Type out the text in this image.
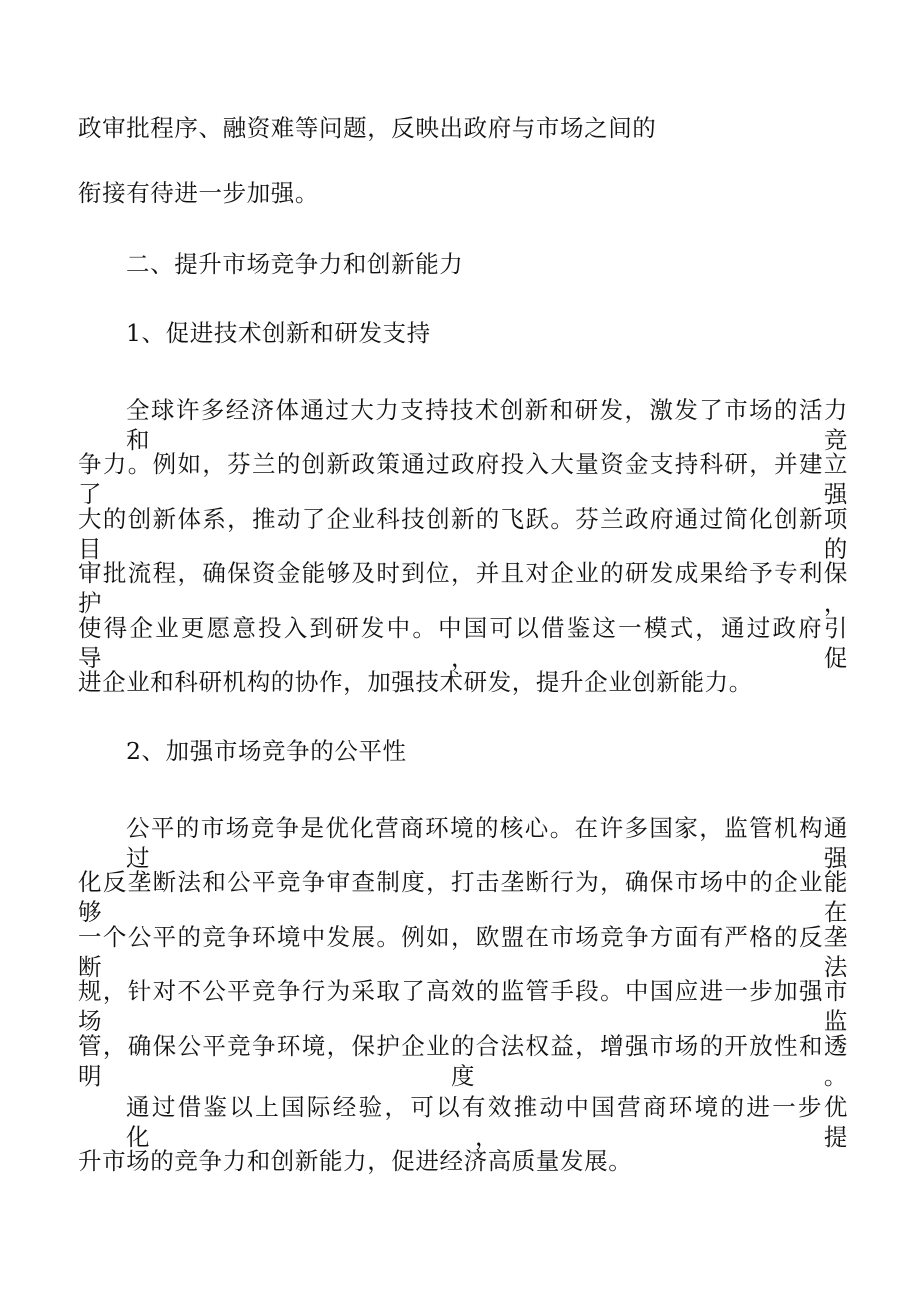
政审批程序、融资难等问题，反映出政府与市场之间的
衔接有待进一步加强。
二、提升市场竞争力和创新能力
1、促进技术创新和研发支持
全球许多经济体通过大力支持技术创新和研发，激发了市场的活力和竞
争力。例如，芬兰的创新政策通过政府投入大量资金支持科研，并建立了强
大的创新体系，推动了企业科技创新的飞跃。芬兰政府通过简化创新项目的
审批流程，确保资金能够及时到位，并且对企业的研发成果给予专利保护，
使得企业更愿意投入到研发中。中国可以借鉴这一模式，通过政府引导，促
进企业和科研机构的协作，加强技术研发，提升企业创新能力。
2、加强市场竞争的公平性
公平的市场竞争是优化营商环境的核心。在许多国家，监管机构通过强
化反垄断法和公平竞争审查制度，打击垄断行为，确保市场中的企业能够在
一个公平的竞争环境中发展。例如，欧盟在市场竞争方面有严格的反垄断法
规，针对不公平竞争行为采取了高效的监管手段。中国应进一步加强市场监
管，确保公平竞争环境，保护企业的合法权益，增强市场的开放性和透明度。
通过借鉴以上国际经验，可以有效推动中国营商环境的进一步优化，提
升市场的竞争力和创新能力，促进经济高质量发展。
